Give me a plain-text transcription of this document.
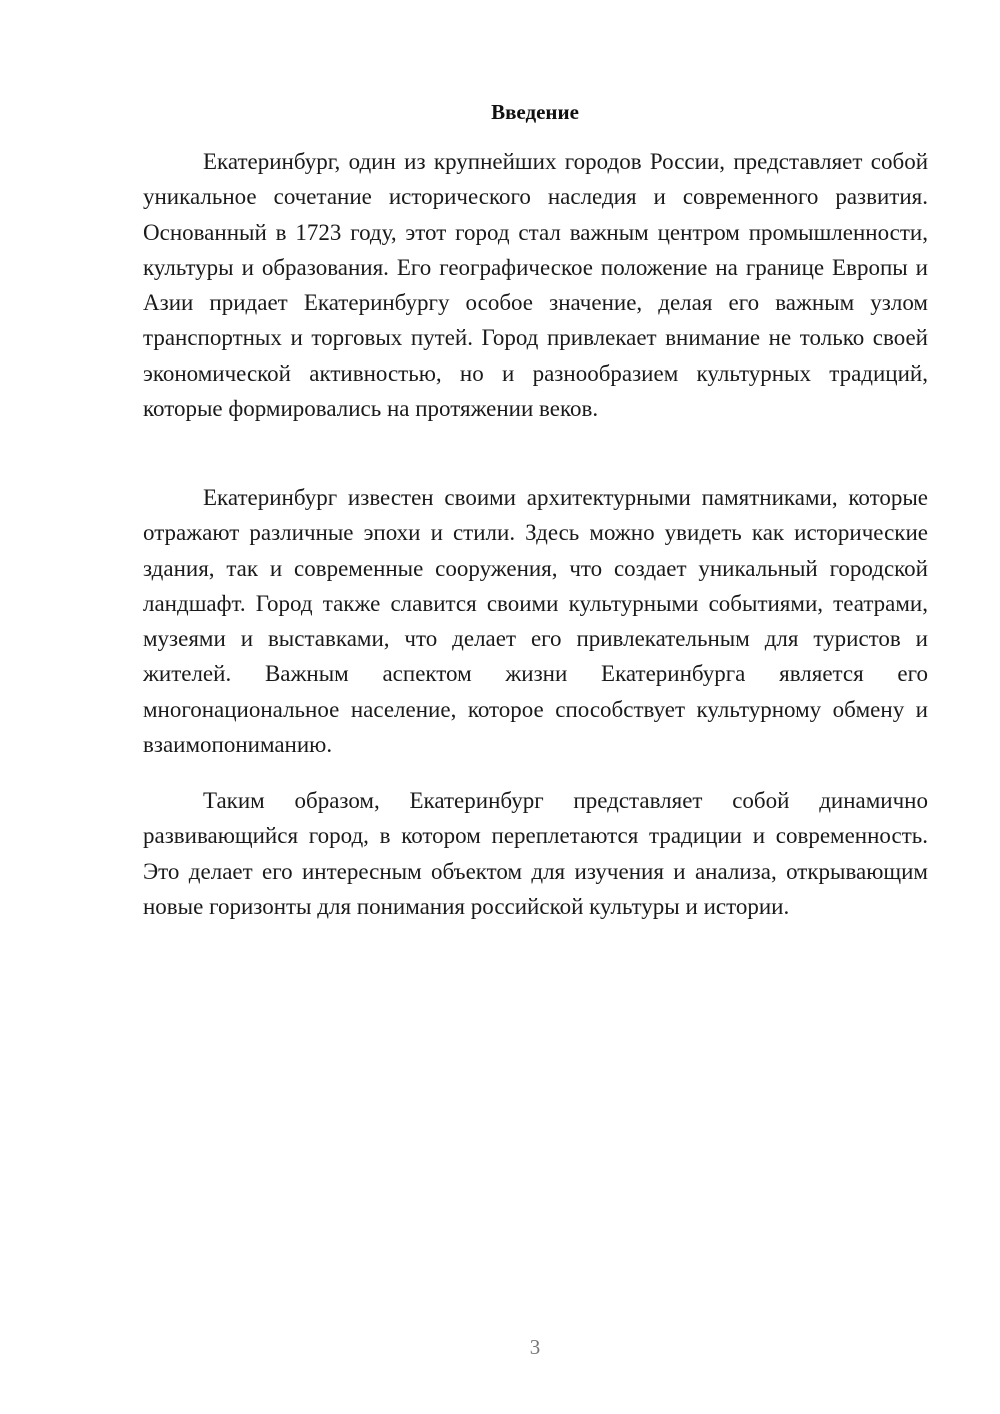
Введение

Екатеринбург, один из крупнейших городов России, представляет собой уникальное сочетание исторического наследия и современного развития. Основанный в 1723 году, этот город стал важным центром промышленности, культуры и образования. Его географическое положение на границе Европы и Азии придает Екатеринбургу особое значение, делая его важным узлом транспортных и торговых путей. Город привлекает внимание не только своей экономической активностью, но и разнообразием культурных традиций, которые формировались на протяжении веков.

Екатеринбург известен своими архитектурными памятниками, которые отражают различные эпохи и стили. Здесь можно увидеть как исторические здания, так и современные сооружения, что создает уникальный городской ландшафт. Город также славится своими культурными событиями, театрами, музеями и выставками, что делает его привлекательным для туристов и жителей. Важным аспектом жизни Екатеринбурга является его многонациональное население, которое способствует культурному обмену и взаимопониманию.

Таким образом, Екатеринбург представляет собой динамично развивающийся город, в котором переплетаются традиции и современность. Это делает его интересным объектом для изучения и анализа, открывающим новые горизонты для понимания российской культуры и истории.

3
